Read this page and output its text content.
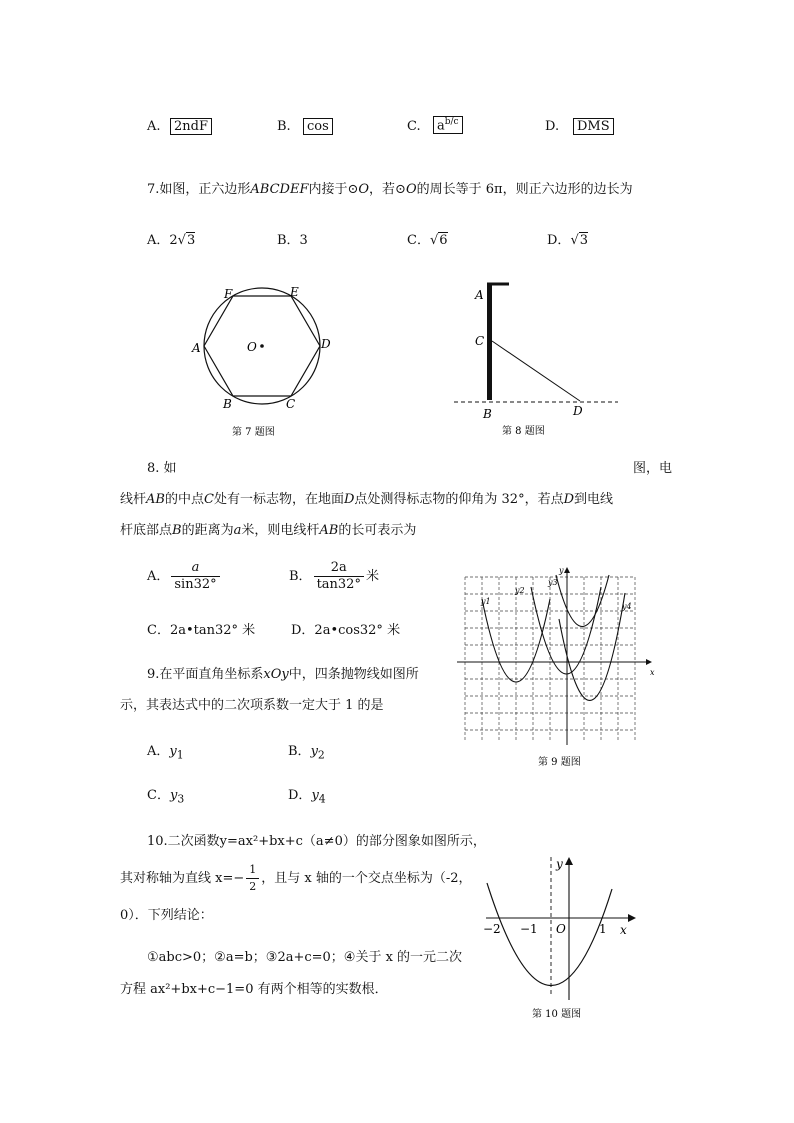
A.	2ndF	B.	cos	C.	$a^{b/c}$	D.	DMS
7.如图，正六边形ABCDEF内接于⊙O，若⊙O的周长等于 6π，则正六边形的边长为
A．2√3	B．3	C．√6	D．√3
A
B	C
D
E
F
O
第 7 题图
A
C
B	D
第 8 题图
8. 如	图，电
线杆AB的中点C处有一标志物，在地面D点处测得标志物的仰角为 32°，若点D到电线
杆底部点B的距离为a米，则电线杆AB的长可表示为
A． $\frac{a}{\sin 32^\circ}$	B． $\frac{2a}{\tan 32^\circ}$ 米
C．2a•tan32° 米	D．2a•cos32° 米
9.在平面直角坐标系xOy中，四条抛物线如图所
示，其表达式中的二次项系数一定大于 1 的是
A．$y_1$	B．$y_2$
C．$y_3$	D．$y_4$
y1
y2
y3
y4
x
y
第 9 题图
10.二次函数y=ax²+bx+c（a≠0）的部分图象如图所示，
其对称轴为直线 $x=- \frac{1}{2}$ ，且与 x 轴的一个交点坐标为（-2，
0）．下列结论：
①abc>0；②a=b；③2a+c=0；④关于 x 的一元二次
方程 ax²+bx+c−1=0 有两个相等的实数根．
−2 −1 O	1 x
y
第 10 题图
